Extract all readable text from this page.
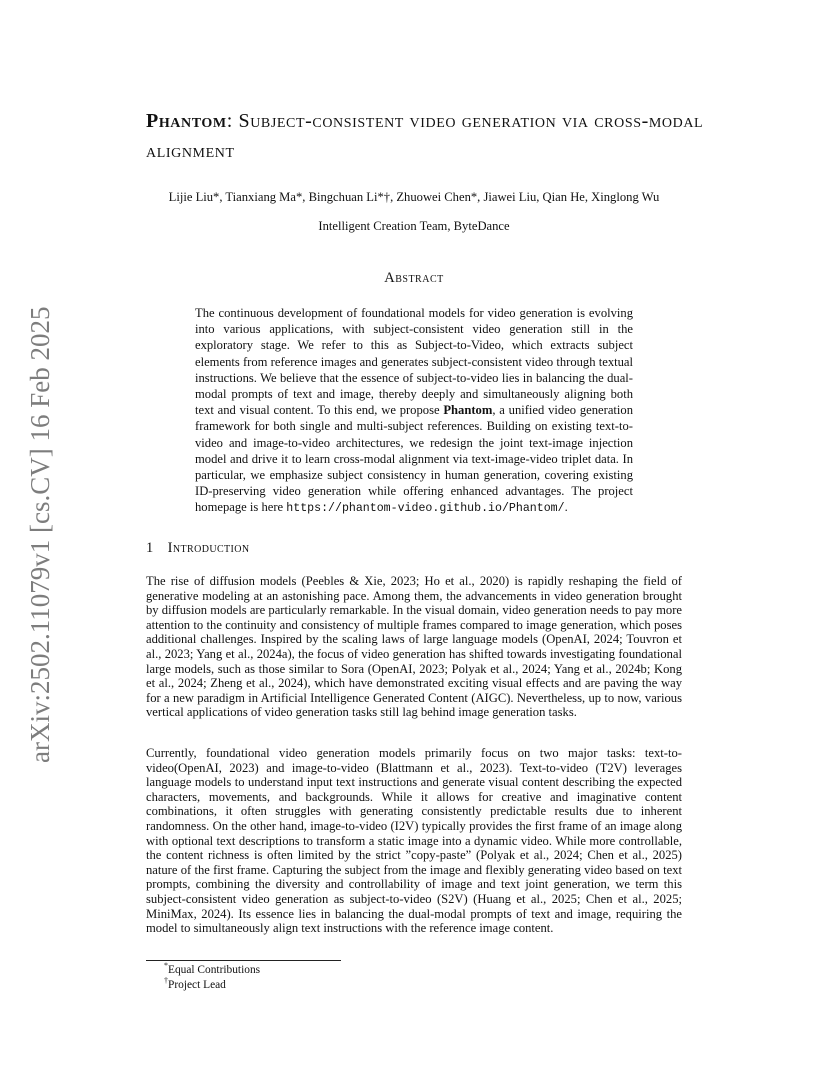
arXiv:2502.11079v1 [cs.CV] 16 Feb 2025
Phantom: Subject-consistent video generation via cross-modal alignment
Lijie Liu*, Tianxiang Ma*, Bingchuan Li*†, Zhuowei Chen*, Jiawei Liu, Qian He, Xinglong Wu
Intelligent Creation Team, ByteDance
Abstract

The continuous development of foundational models for video generation is evolving into various applications, with subject-consistent video generation still in the exploratory stage. We refer to this as Subject-to-Video, which extracts subject elements from reference images and generates subject-consistent video through textual instructions. We believe that the essence of subject-to-video lies in balancing the dual-modal prompts of text and image, thereby deeply and simultaneously aligning both text and visual content. To this end, we propose Phantom, a unified video generation framework for both single and multi-subject references. Building on existing text-to-video and image-to-video architectures, we redesign the joint text-image injection model and drive it to learn cross-modal alignment via text-image-video triplet data. In particular, we emphasize subject consistency in human generation, covering existing ID-preserving video generation while offering enhanced advantages. The project homepage is here https://phantom-video.github.io/Phantom/.

1 Introduction

The rise of diffusion models (Peebles & Xie, 2023; Ho et al., 2020) is rapidly reshaping the field of generative modeling at an astonishing pace. Among them, the advancements in video generation brought by diffusion models are particularly remarkable. In the visual domain, video generation needs to pay more attention to the continuity and consistency of multiple frames compared to image generation, which poses additional challenges. Inspired by the scaling laws of large language models (OpenAI, 2024; Touvron et al., 2023; Yang et al., 2024a), the focus of video generation has shifted towards investigating foundational large models, such as those similar to Sora (OpenAI, 2023; Polyak et al., 2024; Yang et al., 2024b; Kong et al., 2024; Zheng et al., 2024), which have demonstrated exciting visual effects and are paving the way for a new paradigm in Artificial Intelligence Generated Content (AIGC). Nevertheless, up to now, various vertical applications of video generation tasks still lag behind image generation tasks.

Currently, foundational video generation models primarily focus on two major tasks: text-to-video(OpenAI, 2023) and image-to-video (Blattmann et al., 2023). Text-to-video (T2V) leverages language models to understand input text instructions and generate visual content describing the expected characters, movements, and backgrounds. While it allows for creative and imaginative content combinations, it often struggles with generating consistently predictable results due to inherent randomness. On the other hand, image-to-video (I2V) typically provides the first frame of an image along with optional text descriptions to transform a static image into a dynamic video. While more controllable, the content richness is often limited by the strict ”copy-paste” (Polyak et al., 2024; Chen et al., 2025) nature of the first frame. Capturing the subject from the image and flexibly generating video based on text prompts, combining the diversity and controllability of image and text joint generation, we term this subject-consistent video generation as subject-to-video (S2V) (Huang et al., 2025; Chen et al., 2025; MiniMax, 2024). Its essence lies in balancing the dual-modal prompts of text and image, requiring the model to simultaneously align text instructions with the reference image content.

*Equal Contributions
†Project Lead
